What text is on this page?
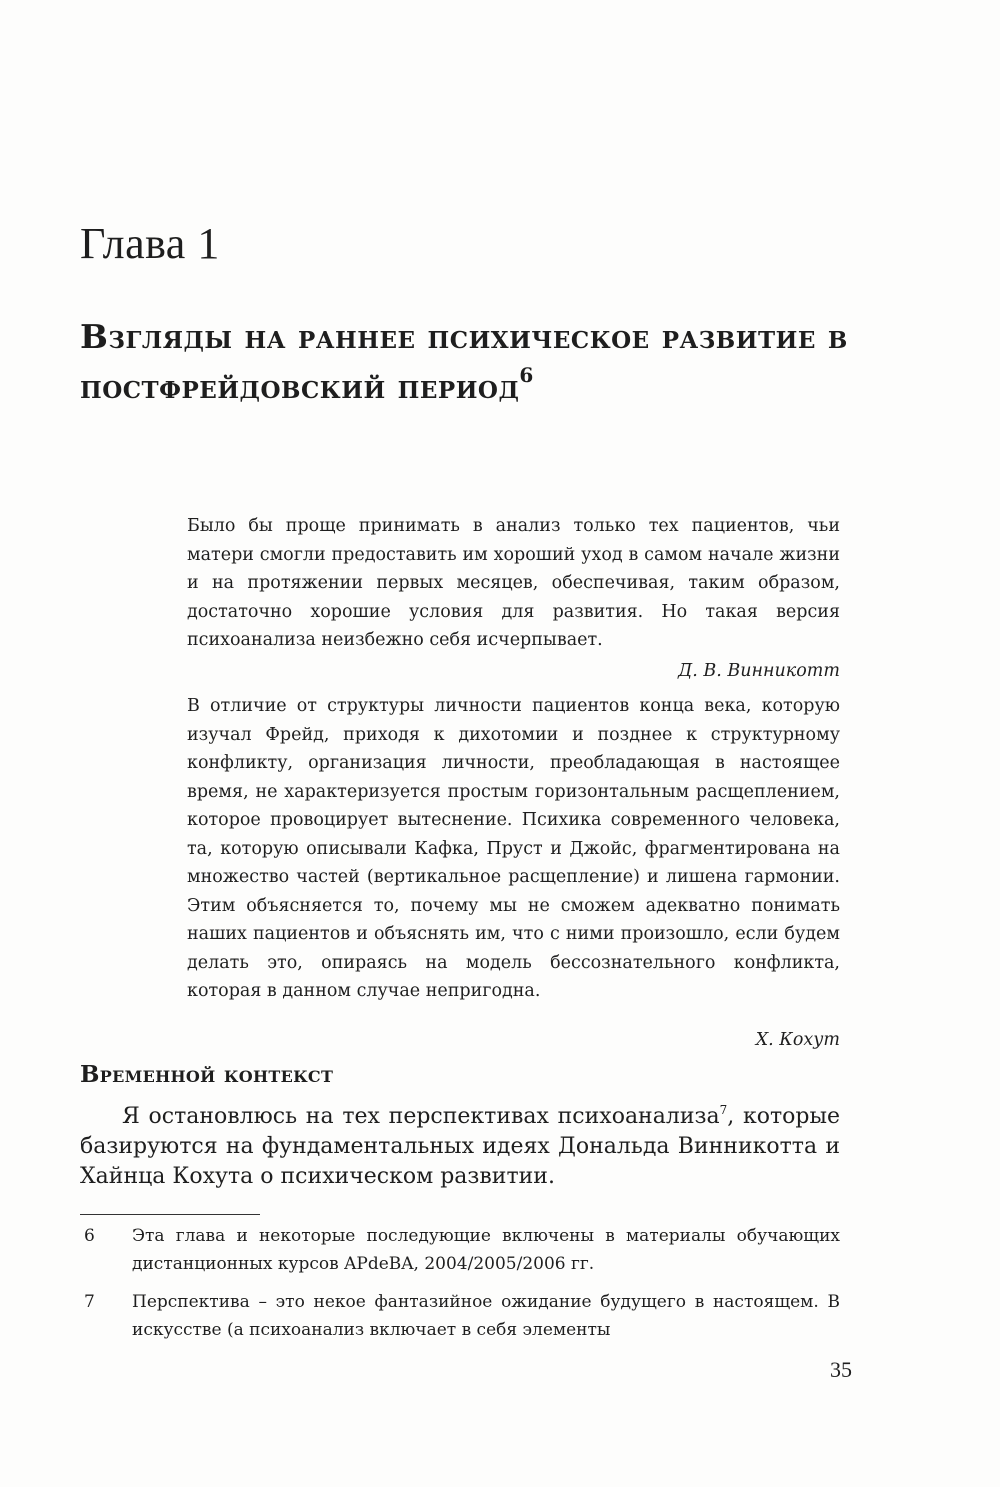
Глава 1
Взгляды на раннее психическое развитие в постфрейдовский период$^6$

Было бы проще принимать в анализ только тех пациентов, чьи матери смогли предоставить им хороший уход в самом начале жизни и на протяжении первых месяцев, обеспечивая, таким образом, достаточно хорошие условия для развития. Но такая версия психоанализа неизбежно себя исчерпывает.

Д. В. Винникотт

В отличие от структуры личности пациентов конца века, которую изучал Фрейд, приходя к дихотомии и позднее к структурному конфликту, организация личности, преобладающая в настоящее время, не характеризуется простым горизонтальным расщеплением, которое провоцирует вытеснение. Психика современного человека, та, которую описывали Кафка, Пруст и Джойс, фрагментирована на множество частей (вертикальное расщепление) и лишена гармонии. Этим объясняется то, почему мы не сможем адекватно понимать наших пациентов и объяснять им, что с ними произошло, если будем делать это, опираясь на модель бессознательного конфликта, которая в данном случае непригодна.

Х. Кохут

Временной контекст

Я остановлюсь на тех перспективах психоанализа$^7$, которые базируются на фундаментальных идеях Дональда Винникотта и Хайнца Кохута о психическом развитии.

6 Эта глава и некоторые последующие включены в материалы обучающих дистанционных курсов APdeBA, 2004/2005/2006 гг.
7 Перспектива – это некое фантазийное ожидание будущего в настоящем. В искусстве (а психоанализ включает в себя элементы

35
